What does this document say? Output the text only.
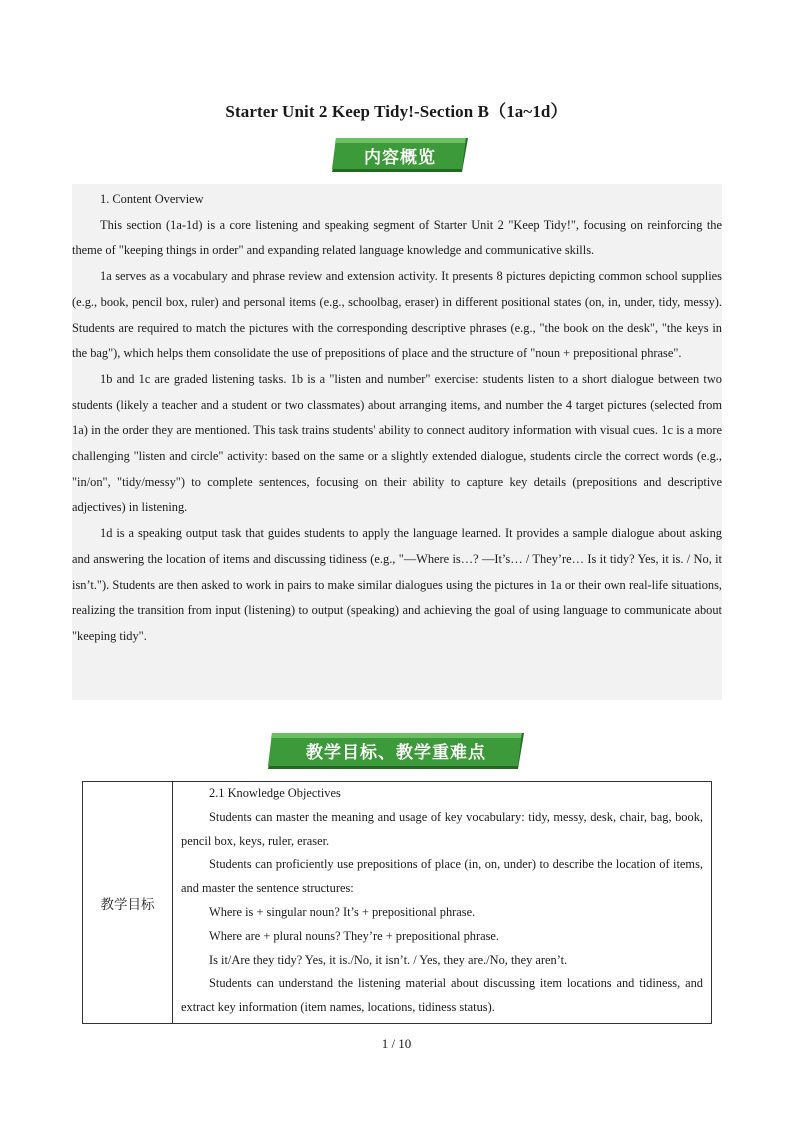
Starter Unit 2 Keep Tidy!-Section B（1a~1d）
内容概览

1. Content Overview

This section (1a-1d) is a core listening and speaking segment of Starter Unit 2 "Keep Tidy!", focusing on reinforcing the theme of "keeping things in order" and expanding related language knowledge and communicative skills.

1a serves as a vocabulary and phrase review and extension activity. It presents 8 pictures depicting common school supplies (e.g., book, pencil box, ruler) and personal items (e.g., schoolbag, eraser) in different positional states (on, in, under, tidy, messy). Students are required to match the pictures with the corresponding descriptive phrases (e.g., "the book on the desk", "the keys in the bag"), which helps them consolidate the use of prepositions of place and the structure of "noun + prepositional phrase".

1b and 1c are graded listening tasks. 1b is a "listen and number" exercise: students listen to a short dialogue between two students (likely a teacher and a student or two classmates) about arranging items, and number the 4 target pictures (selected from 1a) in the order they are mentioned. This task trains students' ability to connect auditory information with visual cues. 1c is a more challenging "listen and circle" activity: based on the same or a slightly extended dialogue, students circle the correct words (e.g., "in/on", "tidy/messy") to complete sentences, focusing on their ability to capture key details (prepositions and descriptive adjectives) in listening.

1d is a speaking output task that guides students to apply the language learned. It provides a sample dialogue about asking and answering the location of items and discussing tidiness (e.g., "—Where is…? —It’s… / They’re… Is it tidy? Yes, it is. / No, it isn’t."). Students are then asked to work in pairs to make similar dialogues using the pictures in 1a or their own real-life situations, realizing the transition from input (listening) to output (speaking) and achieving the goal of using language to communicate about "keeping tidy".

教学目标、教学重难点
教学目标	

2.1 Knowledge Objectives

Students can master the meaning and usage of key vocabulary: tidy, messy, desk, chair, bag, book, pencil box, keys, ruler, eraser.

Students can proficiently use prepositions of place (in, on, under) to describe the location of items, and master the sentence structures:

Where is + singular noun? It’s + prepositional phrase.

Where are + plural nouns? They’re + prepositional phrase.

Is it/Are they tidy? Yes, it is./No, it isn’t. / Yes, they are./No, they aren’t.

Students can understand the listening material about discussing item locations and tidiness, and extract key information (item names, locations, tidiness status).

1 / 10
